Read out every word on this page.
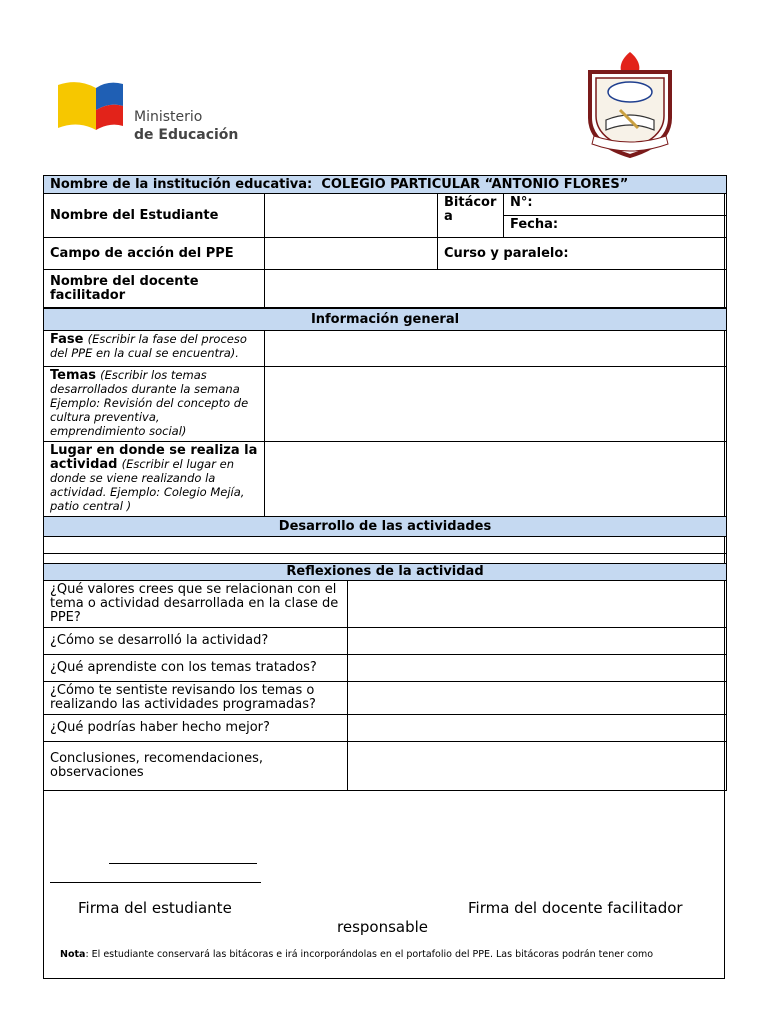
Ministerio
de Educación
Nombre de la institución educativa: COLEGIO PARTICULAR “ANTONIO FLORES”			
Nombre del Estudiante		Bitácora	N°:
			Fecha:
Campo de acción del PPE		Curso y paralelo:	
Nombre del docente facilitador			
Información general	
Fase (Escribir la fase del proceso del PPE en la cual se encuentra).	
Temas (Escribir los temas desarrollados durante la semana Ejemplo: Revisión del concepto de cultura preventiva, emprendimiento social)	
Lugar en donde se realiza la actividad (Escribir el lugar en donde se viene realizando la actividad. Ejemplo: Colegio Mejía, patio central )	
Desarrollo de las actividades	

Reflexiones de la actividad	
¿Qué valores crees que se relacionan con el tema o actividad desarrollada en la clase de PPE?	
¿Cómo se desarrolló la actividad?	
¿Qué aprendiste con los temas tratados?	
¿Cómo te sentiste revisando los temas o realizando las actividades programadas?	
¿Qué podrías haber hecho mejor?	
Conclusiones, recomendaciones, observaciones	
Firma del estudiante	Firma del docente facilitador
responsable
Nota: El estudiante conservará las bitácoras e irá incorporándolas en el portafolio del PPE. Las bitácoras podrán tener como
